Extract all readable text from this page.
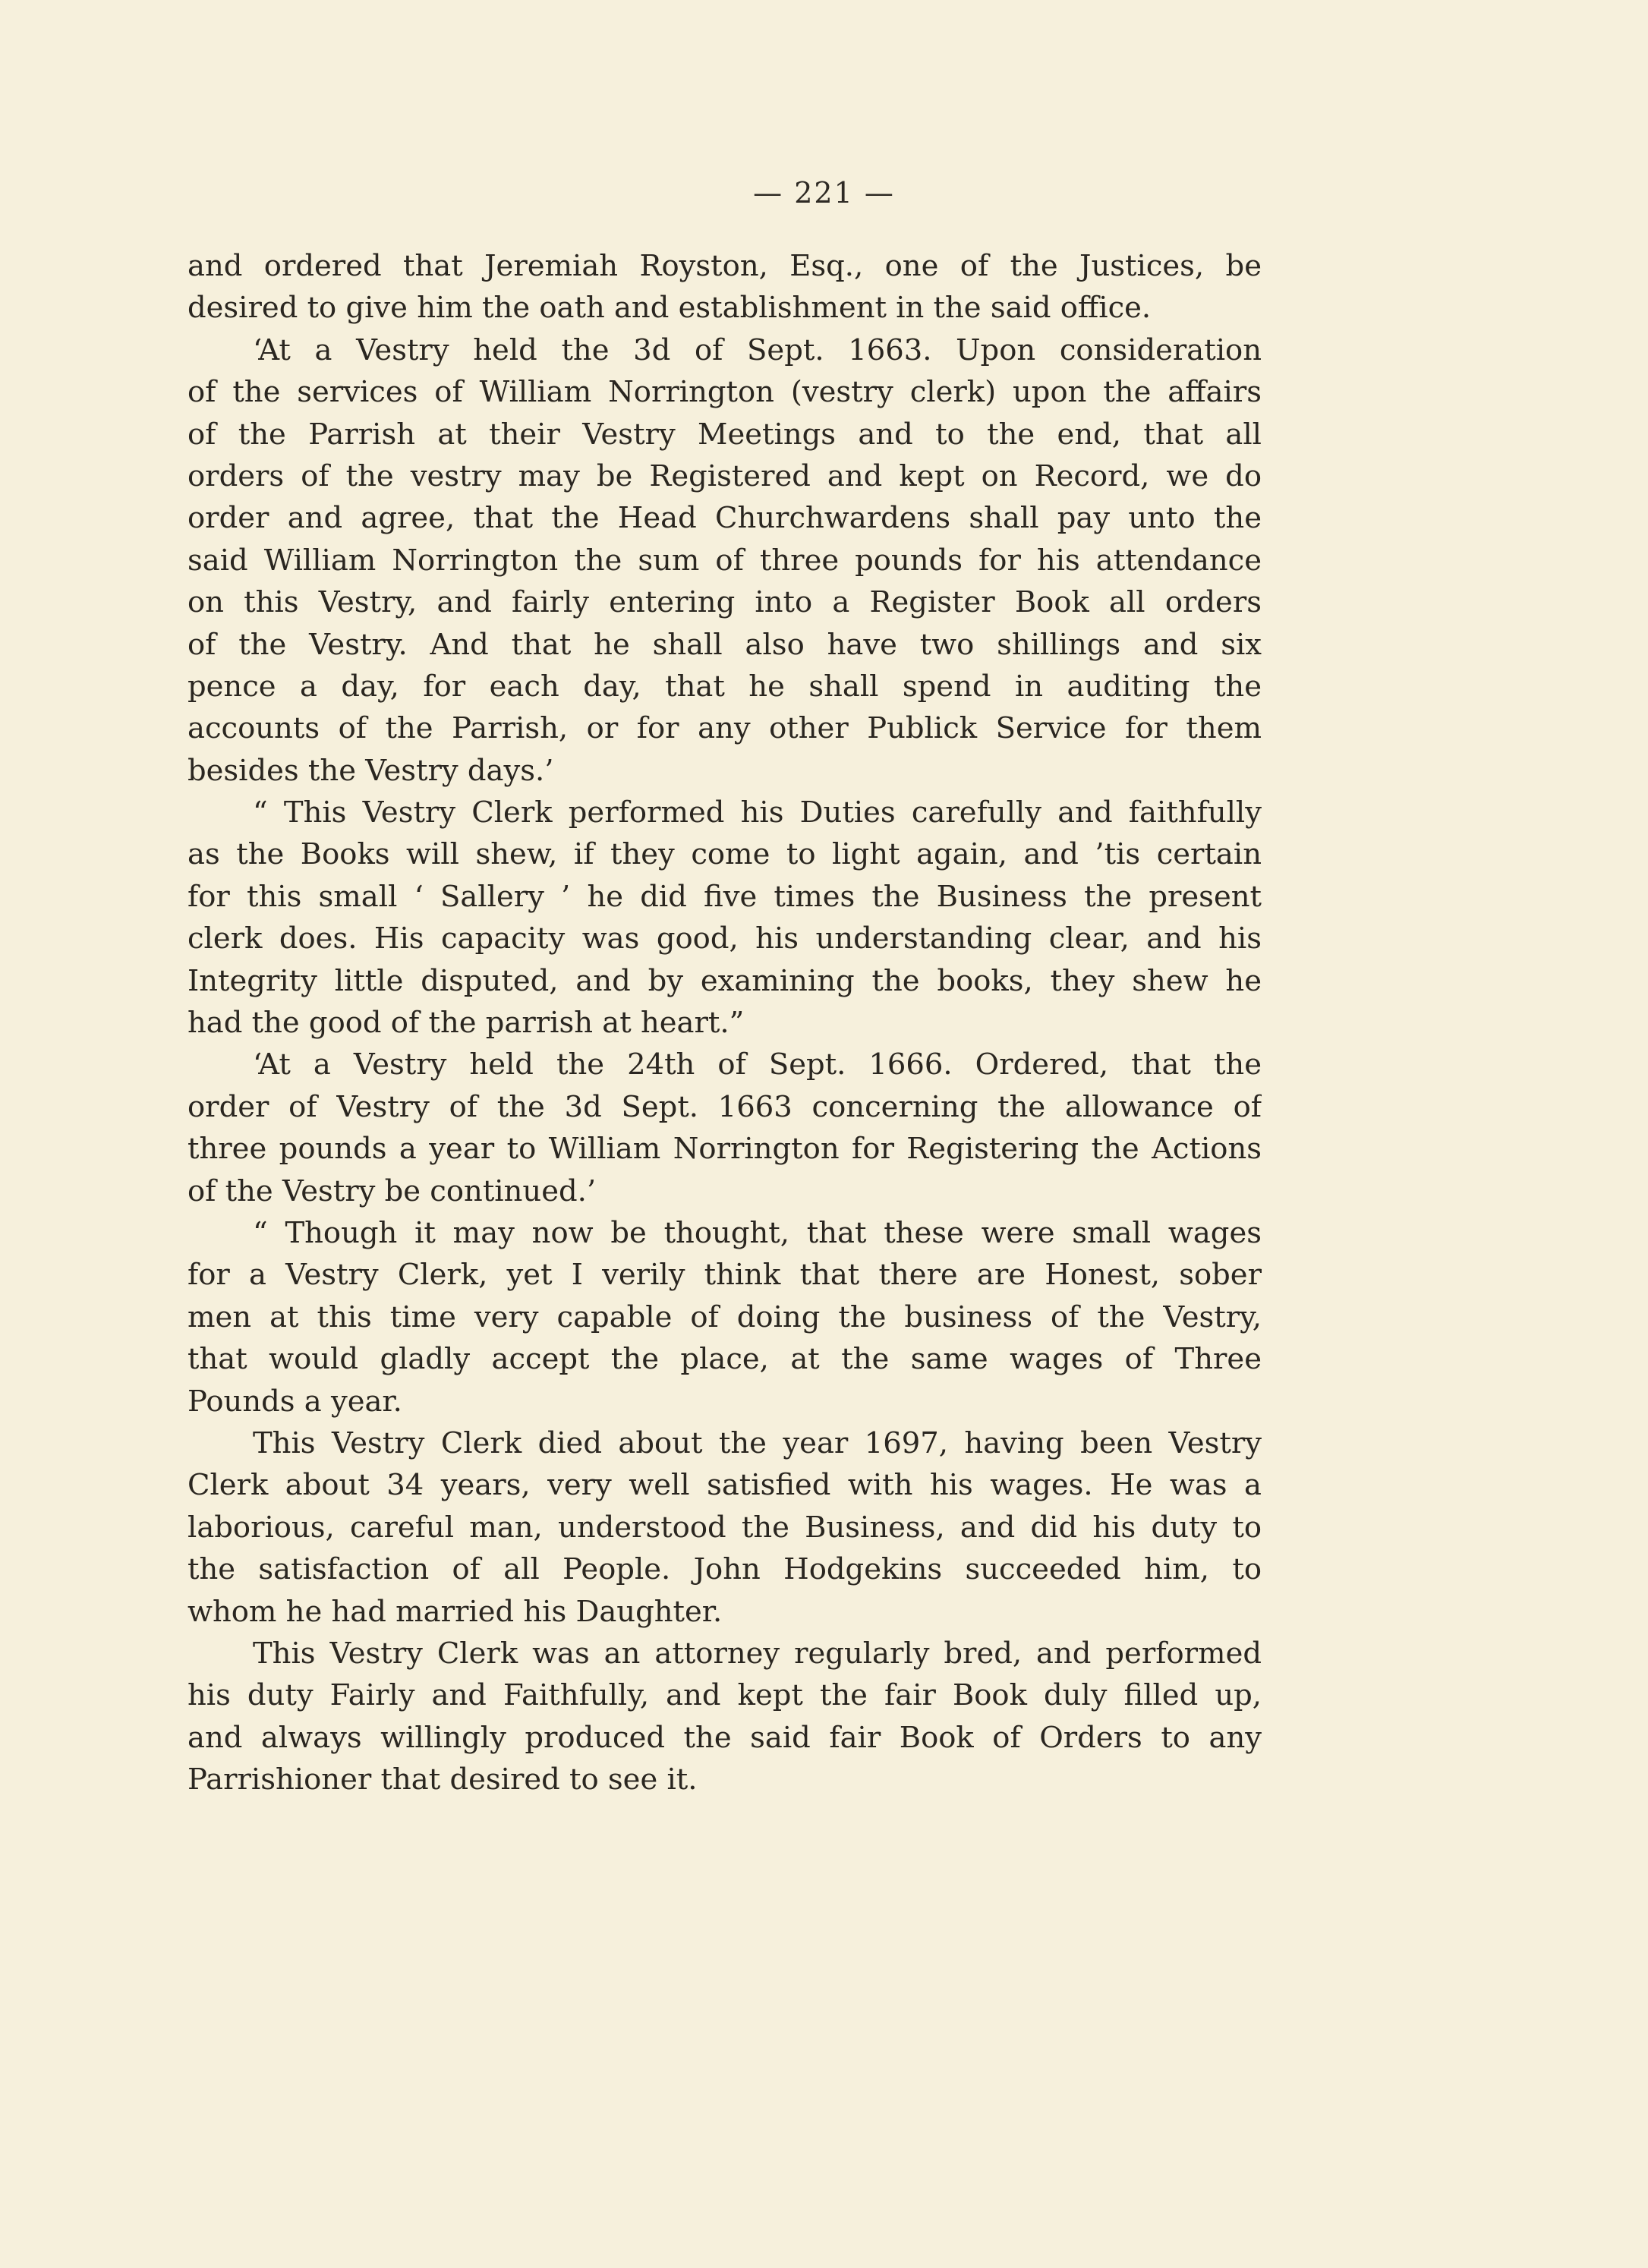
— 221 —
and ordered that Jeremiah Royston, Esq., one of the Justices, be
desired to give him the oath and establishment in the said office.
‘At a Vestry held the 3d of Sept. 1663. Upon consideration
of the services of William Norrington (vestry clerk) upon the affairs
of the Parrish at their Vestry Meetings and to the end, that all
orders of the vestry may be Registered and kept on Record, we do
order and agree, that the Head Churchwardens shall pay unto the
said William Norrington the sum of three pounds for his attendance
on this Vestry, and fairly entering into a Register Book all orders
of the Vestry. And that he shall also have two shillings and six
pence a day, for each day, that he shall spend in auditing the
accounts of the Parrish, or for any other Publick Service for them
besides the Vestry days.’
“ This Vestry Clerk performed his Duties carefully and faithfully
as the Books will shew, if they come to light again, and ’tis certain
for this small ‘ Sallery ’ he did five times the Business the present
clerk does. His capacity was good, his understanding clear, and his
Integrity little disputed, and by examining the books, they shew he
had the good of the parrish at heart.”
‘At a Vestry held the 24th of Sept. 1666. Ordered, that the
order of Vestry of the 3d Sept. 1663 concerning the allowance of
three pounds a year to William Norrington for Registering the Actions
of the Vestry be continued.’
“ Though it may now be thought, that these were small wages
for a Vestry Clerk, yet I verily think that there are Honest, sober
men at this time very capable of doing the business of the Vestry,
that would gladly accept the place, at the same wages of Three
Pounds a year.
This Vestry Clerk died about the year 1697, having been Vestry
Clerk about 34 years, very well satisfied with his wages. He was a
laborious, careful man, understood the Business, and did his duty to
the satisfaction of all People. John Hodgekins succeeded him, to
whom he had married his Daughter.
This Vestry Clerk was an attorney regularly bred, and performed
his duty Fairly and Faithfully, and kept the fair Book duly filled up,
and always willingly produced the said fair Book of Orders to any
Parrishioner that desired to see it.
